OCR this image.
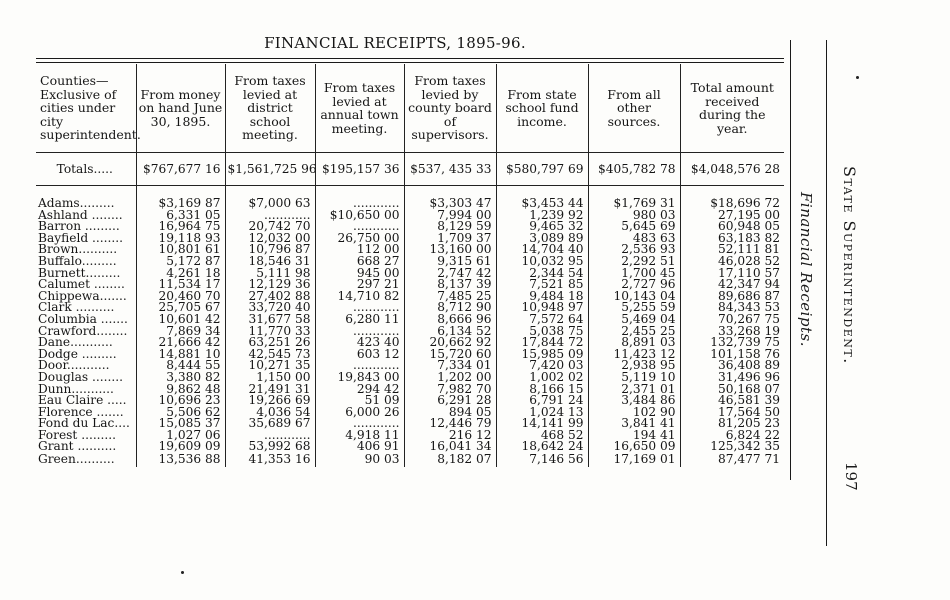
FINANCIAL RECEIPTS, 1895-96.
Counties—Exclusive of cities under city superintendent.	From money on hand June 30, 1895.	From taxes levied at district school meeting.	From taxes levied at annual town meeting.	From taxes levied by county board of supervisors.	From state school fund income.	From all other sources.	Total amount received during the year.
Totals.....	$767,677 16	$1,561,725 96	$195,157 36	$537, 435 33	$580,797 69	$405,782 78	$4,048,576 28

Adams.........	$3,169 87	$7,000 63	............	$3,303 47	$3,453 44	$1,769 31	$18,696 72
Ashland ........	6,331 05	............	$10,650 00	7,994 00	1,239 92	980 03	27,195 00
Barron .........	16,964 75	20,742 70	............	8,129 59	9,465 32	5,645 69	60,948 05
Bayfield ........	19,118 93	12,032 00	26,750 00	1,709 37	3,089 89	483 63	63,183 82
Brown..........	10,801 61	10,796 87	112 00	13,160 00	14,704 40	2,536 93	52,111 81
Buffalo.........	5,172 87	18,546 31	668 27	9,315 61	10,032 95	2,292 51	46,028 52
Burnett.........	4,261 18	5,111 98	945 00	2,747 42	2,344 54	1,700 45	17,110 57
Calumet ........	11,534 17	12,129 36	297 21	8,137 39	7,521 85	2,727 96	42,347 94
Chippewa.......	20,460 70	27,402 88	14,710 82	7,485 25	9,484 18	10,143 04	89,686 87
Clark ..........	25,705 67	33,720 40	............	8,712 90	10,948 97	5,255 59	84,343 53
Columbia .......	10,601 42	31,677 58	6,280 11	8,666 96	7,572 64	5,469 04	70,267 75
Crawford........	7,869 34	11,770 33	............	6,134 52	5,038 75	2,455 25	33,268 19
Dane...........	21,666 42	63,251 26	423 40	20,662 92	17,844 72	8,891 03	132,739 75
Dodge .........	14,881 10	42,545 73	603 12	15,720 60	15,985 09	11,423 12	101,158 76
Door...........	8,444 55	10,271 35	............	7,334 01	7,420 03	2,938 95	36,408 89
Douglas ........	3,380 82	1,150 00	19,843 00	1,202 00	1,002 02	5,119 10	31,496 96
Dunn...........	9,862 48	21,491 31	294 42	7,982 70	8,166 15	2,371 01	50,168 07
Eau Claire .....	10,696 23	19,266 69	51 09	6,291 28	6,791 24	3,484 86	46,581 39
Florence .......	5,506 62	4,036 54	6,000 26	894 05	1,024 13	102 90	17,564 50
Fond du Lac....	15,085 37	35,689 67	............	12,446 79	14,141 99	3,841 41	81,205 23
Forest .........	1,027 06	............	4,918 11	216 12	468 52	194 41	6,824 22
Grant ..........	19,609 09	53,992 68	406 91	16,041 34	18,642 24	16,650 09	125,342 35
Green..........	13,536 88	41,353 16	90 03	8,182 07	7,146 56	17,169 01	87,477 71
Financial Receipts. State Superintendent.
197
